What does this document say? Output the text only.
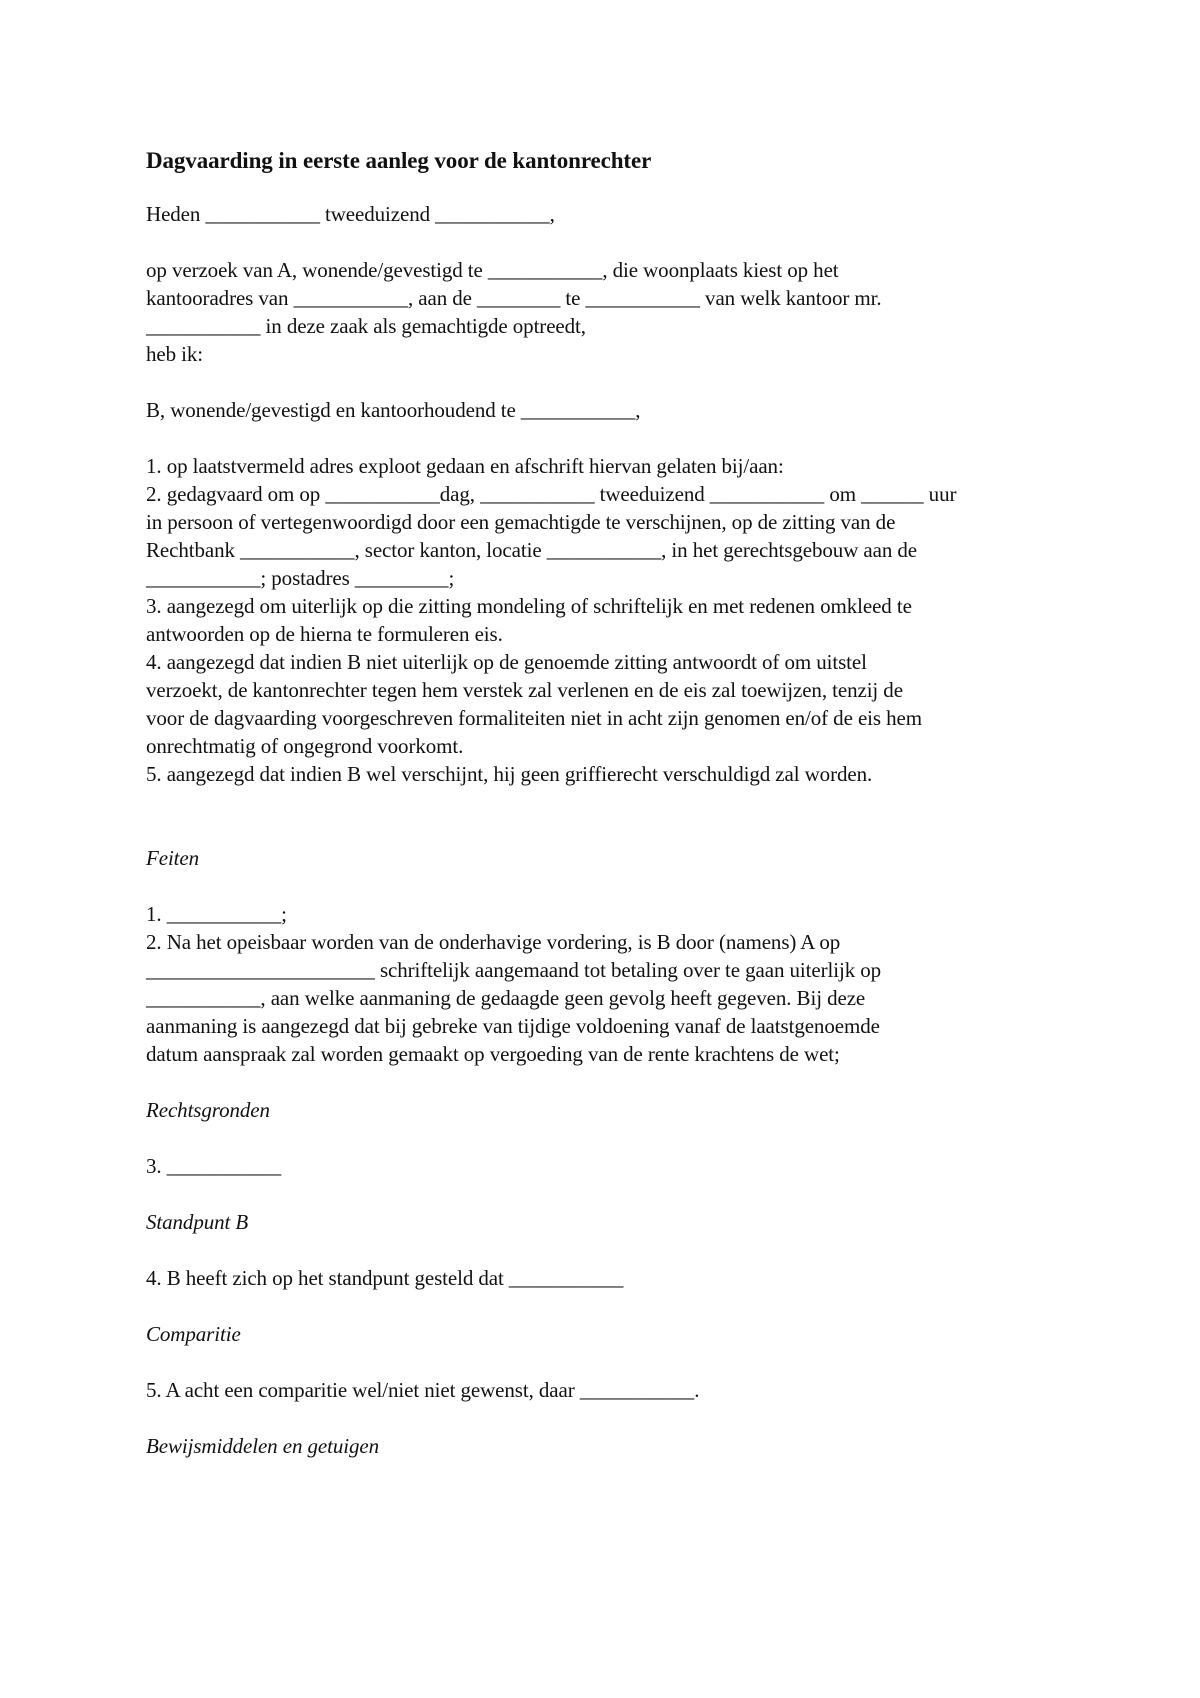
Dagvaarding in eerste aanleg voor de kantonrechter
Heden ___________ tweeduizend ___________,
op verzoek van A, wonende/gevestigd te ___________, die woonplaats kiest op het
kantooradres van ___________, aan de ________ te ___________ van welk kantoor mr.
___________ in deze zaak als gemachtigde optreedt,
heb ik:
B, wonende/gevestigd en kantoorhoudend te ___________,
1. op laatstvermeld adres exploot gedaan en afschrift hiervan gelaten bij/aan:
2. gedagvaard om op ___________dag, ___________ tweeduizend ___________ om ______ uur
in persoon of vertegenwoordigd door een gemachtigde te verschijnen, op de zitting van de
Rechtbank ___________, sector kanton, locatie ___________, in het gerechtsgebouw aan de
___________; postadres _________;
3. aangezegd om uiterlijk op die zitting mondeling of schriftelijk en met redenen omkleed te
antwoorden op de hierna te formuleren eis.
4. aangezegd dat indien B niet uiterlijk op de genoemde zitting antwoordt of om uitstel
verzoekt, de kantonrechter tegen hem verstek zal verlenen en de eis zal toewijzen, tenzij de
voor de dagvaarding voorgeschreven formaliteiten niet in acht zijn genomen en/of de eis hem
onrechtmatig of ongegrond voorkomt.
5. aangezegd dat indien B wel verschijnt, hij geen griffierecht verschuldigd zal worden.
Feiten
1. ___________;
2. Na het opeisbaar worden van de onderhavige vordering, is B door (namens) A op
______________________ schriftelijk aangemaand tot betaling over te gaan uiterlijk op
___________, aan welke aanmaning de gedaagde geen gevolg heeft gegeven. Bij deze
aanmaning is aangezegd dat bij gebreke van tijdige voldoening vanaf de laatstgenoemde
datum aanspraak zal worden gemaakt op vergoeding van de rente krachtens de wet;
Rechtsgronden
3. ___________
Standpunt B
4. B heeft zich op het standpunt gesteld dat ___________
Comparitie
5. A acht een comparitie wel/niet niet gewenst, daar ___________.
Bewijsmiddelen en getuigen
